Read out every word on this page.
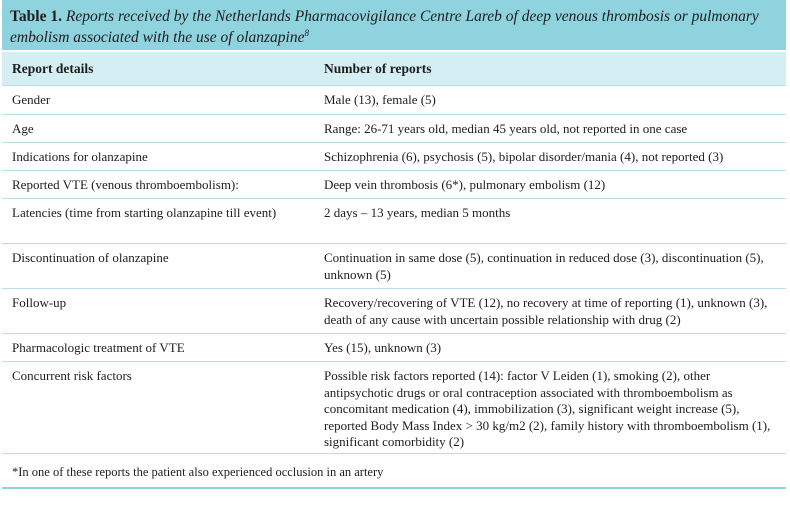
Table 1. Reports received by the Netherlands Pharmacovigilance Centre Lareb of deep venous thrombosis or pulmonary embolism associated with the use of olanzapine$^8$
Report details	Number of reports
Gender	Male (13), female (5)
Age	Range: 26-71 years old, median 45 years old, not reported in one case
Indications for olanzapine	Schizophrenia (6), psychosis (5), bipolar disorder/mania (4), not reported (3)
Reported VTE (venous thromboembolism):	Deep vein thrombosis (6*), pulmonary embolism (12)
Latencies (time from starting olanzapine till event)	2 days – 13 years, median 5 months
Discontinuation of olanzapine	Continuation in same dose (5), continuation in reduced dose (3), discontinuation (5), unknown (5)
Follow-up	Recovery/recovering of VTE (12), no recovery at time of reporting (1), unknown (3), death of any cause with uncertain possible relationship with drug (2)
Pharmacologic treatment of VTE	Yes (15), unknown (3)
Concurrent risk factors	Possible risk factors reported (14): factor V Leiden (1), smoking (2), other antipsychotic drugs or oral contraception associated with thromboembolism as concomitant medication (4), immobilization (3), significant weight increase (5), reported Body Mass Index > 30 kg/m2 (2), family history with thromboembolism (1), significant comorbidity (2)
*In one of these reports the patient also experienced occlusion in an artery
